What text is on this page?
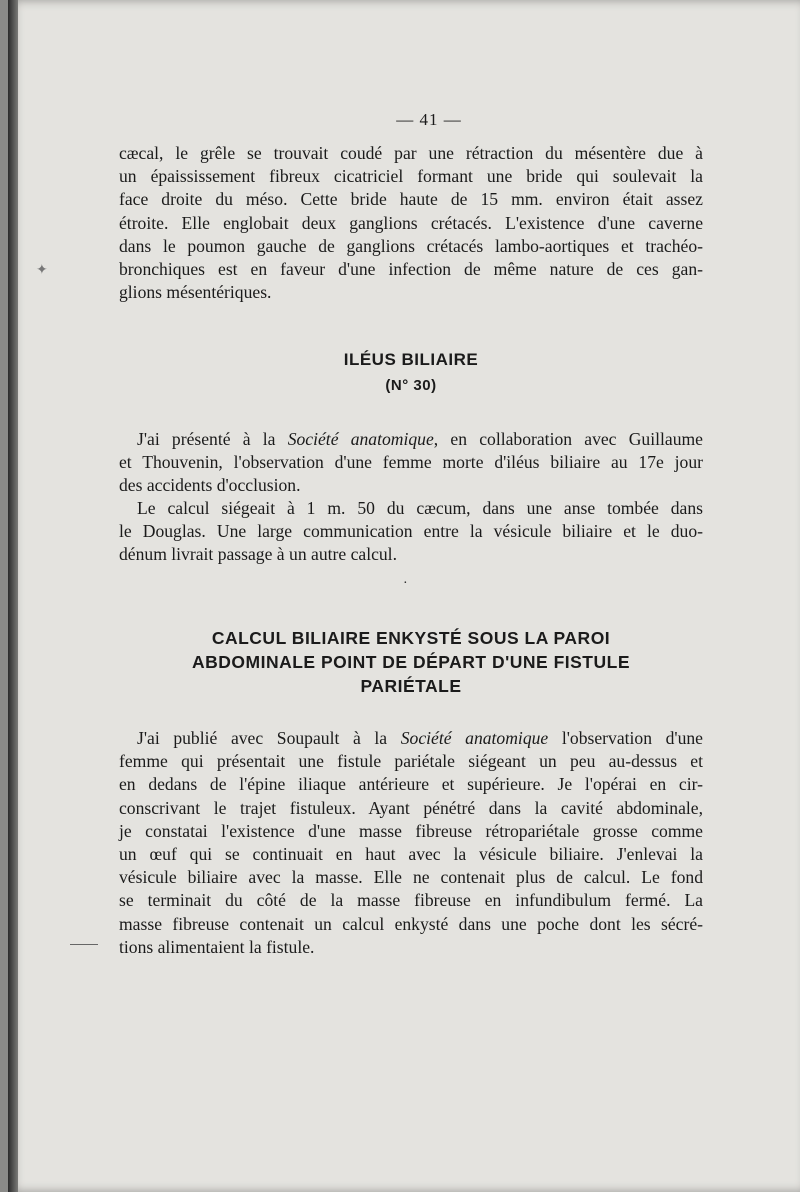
✦
— 41 —

cæcal, le grêle se trouvait coudé par une rétraction du mésentère due à
un épaississement fibreux cicatriciel formant une bride qui soulevait la
face droite du méso. Cette bride haute de 15 mm. environ était assez
étroite. Elle englobait deux ganglions crétacés. L'existence d'une caverne
dans le poumon gauche de ganglions crétacés lambo-aortiques et trachéo-
bronchiques est en faveur d'une infection de même nature de ces gan-
glions mésentériques.

ILÉUS BILIAIRE
(N° 30)

J'ai présenté à la Société anatomique, en collaboration avec Guillaume
et Thouvenin, l'observation d'une femme morte d'iléus biliaire au 17e jour
des accidents d'occlusion.

Le calcul siégeait à 1 m. 50 du cæcum, dans une anse tombée dans
le Douglas. Une large communication entre la vésicule biliaire et le duo-
dénum livrait passage à un autre calcul.

·
CALCUL BILIAIRE ENKYSTÉ SOUS LA PAROI
ABDOMINALE POINT DE DÉPART D'UNE FISTULE
PARIÉTALE

J'ai publié avec Soupault à la Société anatomique l'observation d'une
femme qui présentait une fistule pariétale siégeant un peu au-dessus et
en dedans de l'épine iliaque antérieure et supérieure. Je l'opérai en cir-
conscrivant le trajet fistuleux. Ayant pénétré dans la cavité abdominale,
je constatai l'existence d'une masse fibreuse rétropariétale grosse comme
un œuf qui se continuait en haut avec la vésicule biliaire. J'enlevai la
vésicule biliaire avec la masse. Elle ne contenait plus de calcul. Le fond
se terminait du côté de la masse fibreuse en infundibulum fermé. La
masse fibreuse contenait un calcul enkysté dans une poche dont les sécré-
tions alimentaient la fistule.
